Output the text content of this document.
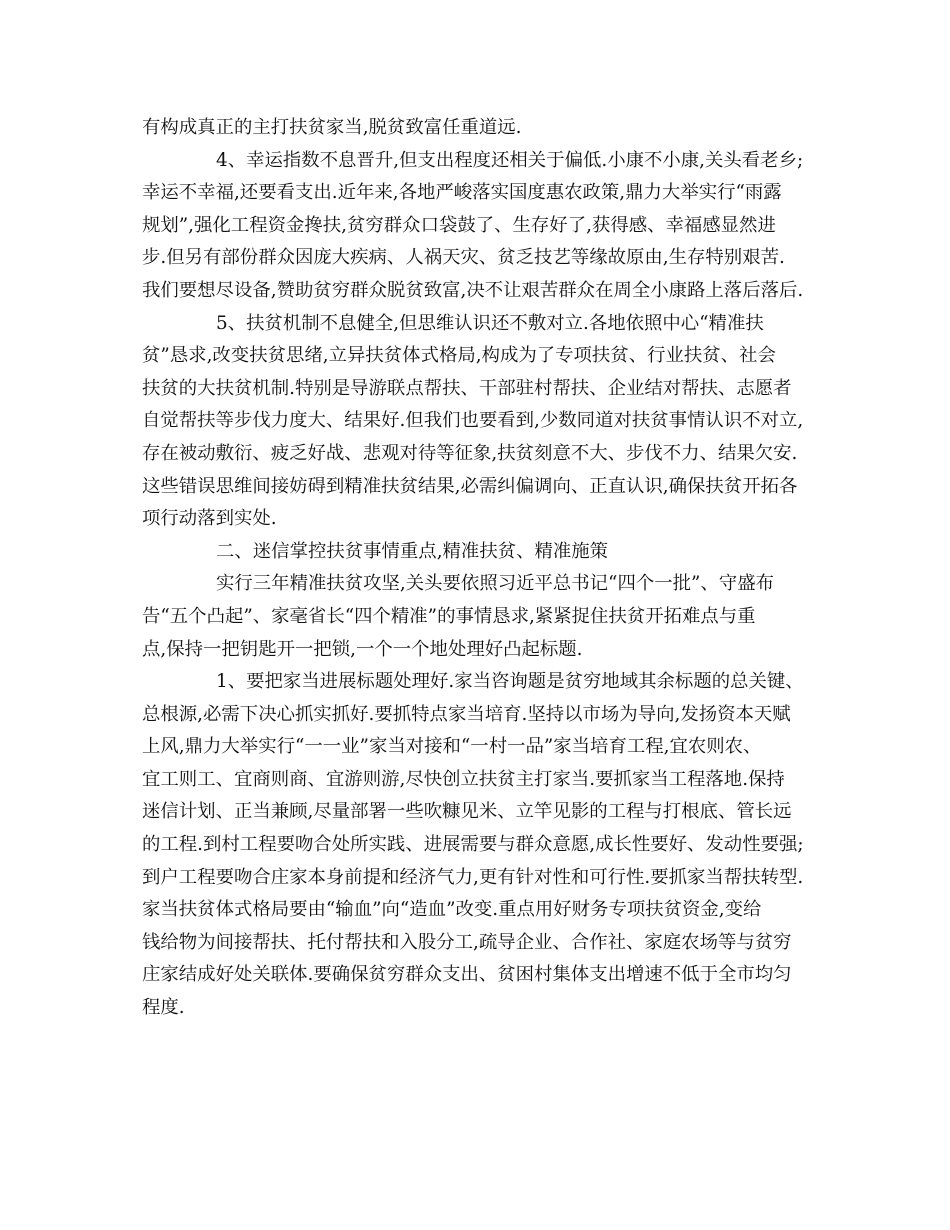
有构成真正的主打扶贫家当,脱贫致富任重道远.
4、幸运指数不息晋升,但支出程度还相关于偏低.小康不小康,关头看老乡;
幸运不幸福,还要看支出.近年来,各地严峻落实国度惠农政策,鼎力大举实行“雨露
规划”,强化工程资金搀扶,贫穷群众口袋鼓了、生存好了,获得感、幸福感显然进
步.但另有部份群众因庞大疾病、人祸天灾、贫乏技艺等缘故原由,生存特别艰苦.
我们要想尽设备,赞助贫穷群众脱贫致富,决不让艰苦群众在周全小康路上落后落后.
5、扶贫机制不息健全,但思维认识还不敷对立.各地依照中心“精准扶
贫”恳求,改变扶贫思绪,立异扶贫体式格局,构成为了专项扶贫、行业扶贫、社会
扶贫的大扶贫机制.特别是导游联点帮扶、干部驻村帮扶、企业结对帮扶、志愿者
自觉帮扶等步伐力度大、结果好.但我们也要看到,少数同道对扶贫事情认识不对立,
存在被动敷衍、疲乏好战、悲观对待等征象,扶贫刻意不大、步伐不力、结果欠安.
这些错误思维间接妨碍到精准扶贫结果,必需纠偏调向、正直认识,确保扶贫开拓各
项行动落到实处.
二、迷信掌控扶贫事情重点,精准扶贫、精准施策
实行三年精准扶贫攻坚,关头要依照习近平总书记“四个一批”、守盛布
告“五个凸起”、家毫省长“四个精准”的事情恳求,紧紧捉住扶贫开拓难点与重
点,保持一把钥匙开一把锁,一个一个地处理好凸起标题.
1、要把家当进展标题处理好.家当咨询题是贫穷地域其余标题的总关键、
总根源,必需下决心抓实抓好.要抓特点家当培育.坚持以市场为导向,发扬资本天赋
上风,鼎力大举实行“一一业”家当对接和“一村一品”家当培育工程,宜农则农、
宜工则工、宜商则商、宜游则游,尽快创立扶贫主打家当.要抓家当工程落地.保持
迷信计划、正当兼顾,尽量部署一些吹糠见米、立竿见影的工程与打根底、管长远
的工程.到村工程要吻合处所实践、进展需要与群众意愿,成长性要好、发动性要强;
到户工程要吻合庄家本身前提和经济气力,更有针对性和可行性.要抓家当帮扶转型.
家当扶贫体式格局要由“输血”向“造血”改变.重点用好财务专项扶贫资金,变给
钱给物为间接帮扶、托付帮扶和入股分工,疏导企业、合作社、家庭农场等与贫穷
庄家结成好处关联体.要确保贫穷群众支出、贫困村集体支出增速不低于全市均匀
程度.
